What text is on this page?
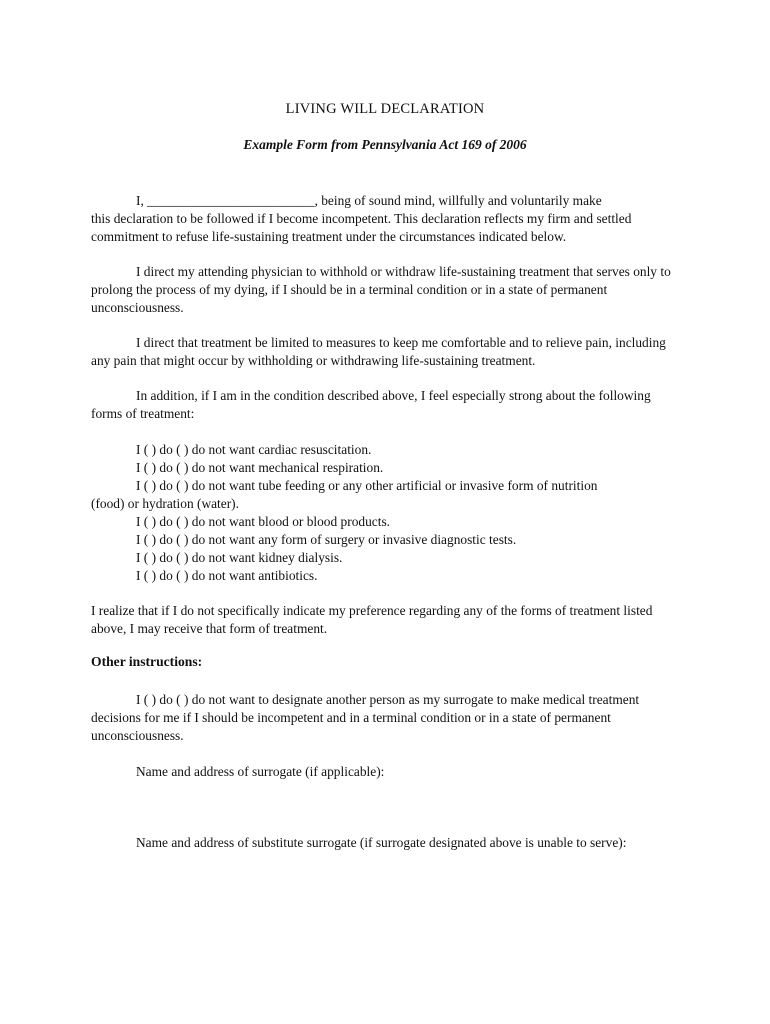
LIVING WILL DECLARATION
Example Form from Pennsylvania Act 169 of 2006

I, _________________________, being of sound mind, willfully and voluntarily make
this declaration to be followed if I become incompetent. This declaration reflects my firm and settled commitment to refuse life-sustaining treatment under the circumstances indicated below.

I direct my attending physician to withhold or withdraw life-sustaining treatment that serves only to prolong the process of my dying, if I should be in a terminal condition or in a state of permanent unconsciousness.

I direct that treatment be limited to measures to keep me comfortable and to relieve pain, including any pain that might occur by withholding or withdrawing life-sustaining treatment.

In addition, if I am in the condition described above, I feel especially strong about the following forms of treatment:

I ( ) do ( ) do not want cardiac resuscitation.
I ( ) do ( ) do not want mechanical respiration.
I ( ) do ( ) do not want tube feeding or any other artificial or invasive form of nutrition
(food) or hydration (water).
I ( ) do ( ) do not want blood or blood products.
I ( ) do ( ) do not want any form of surgery or invasive diagnostic tests.
I ( ) do ( ) do not want kidney dialysis.
I ( ) do ( ) do not want antibiotics.

I realize that if I do not specifically indicate my preference regarding any of the forms of treatment listed above, I may receive that form of treatment.

Other instructions:

I ( ) do ( ) do not want to designate another person as my surrogate to make medical treatment decisions for me if I should be incompetent and in a terminal condition or in a state of permanent unconsciousness.

Name and address of surrogate (if applicable):

Name and address of substitute surrogate (if surrogate designated above is unable to serve):
